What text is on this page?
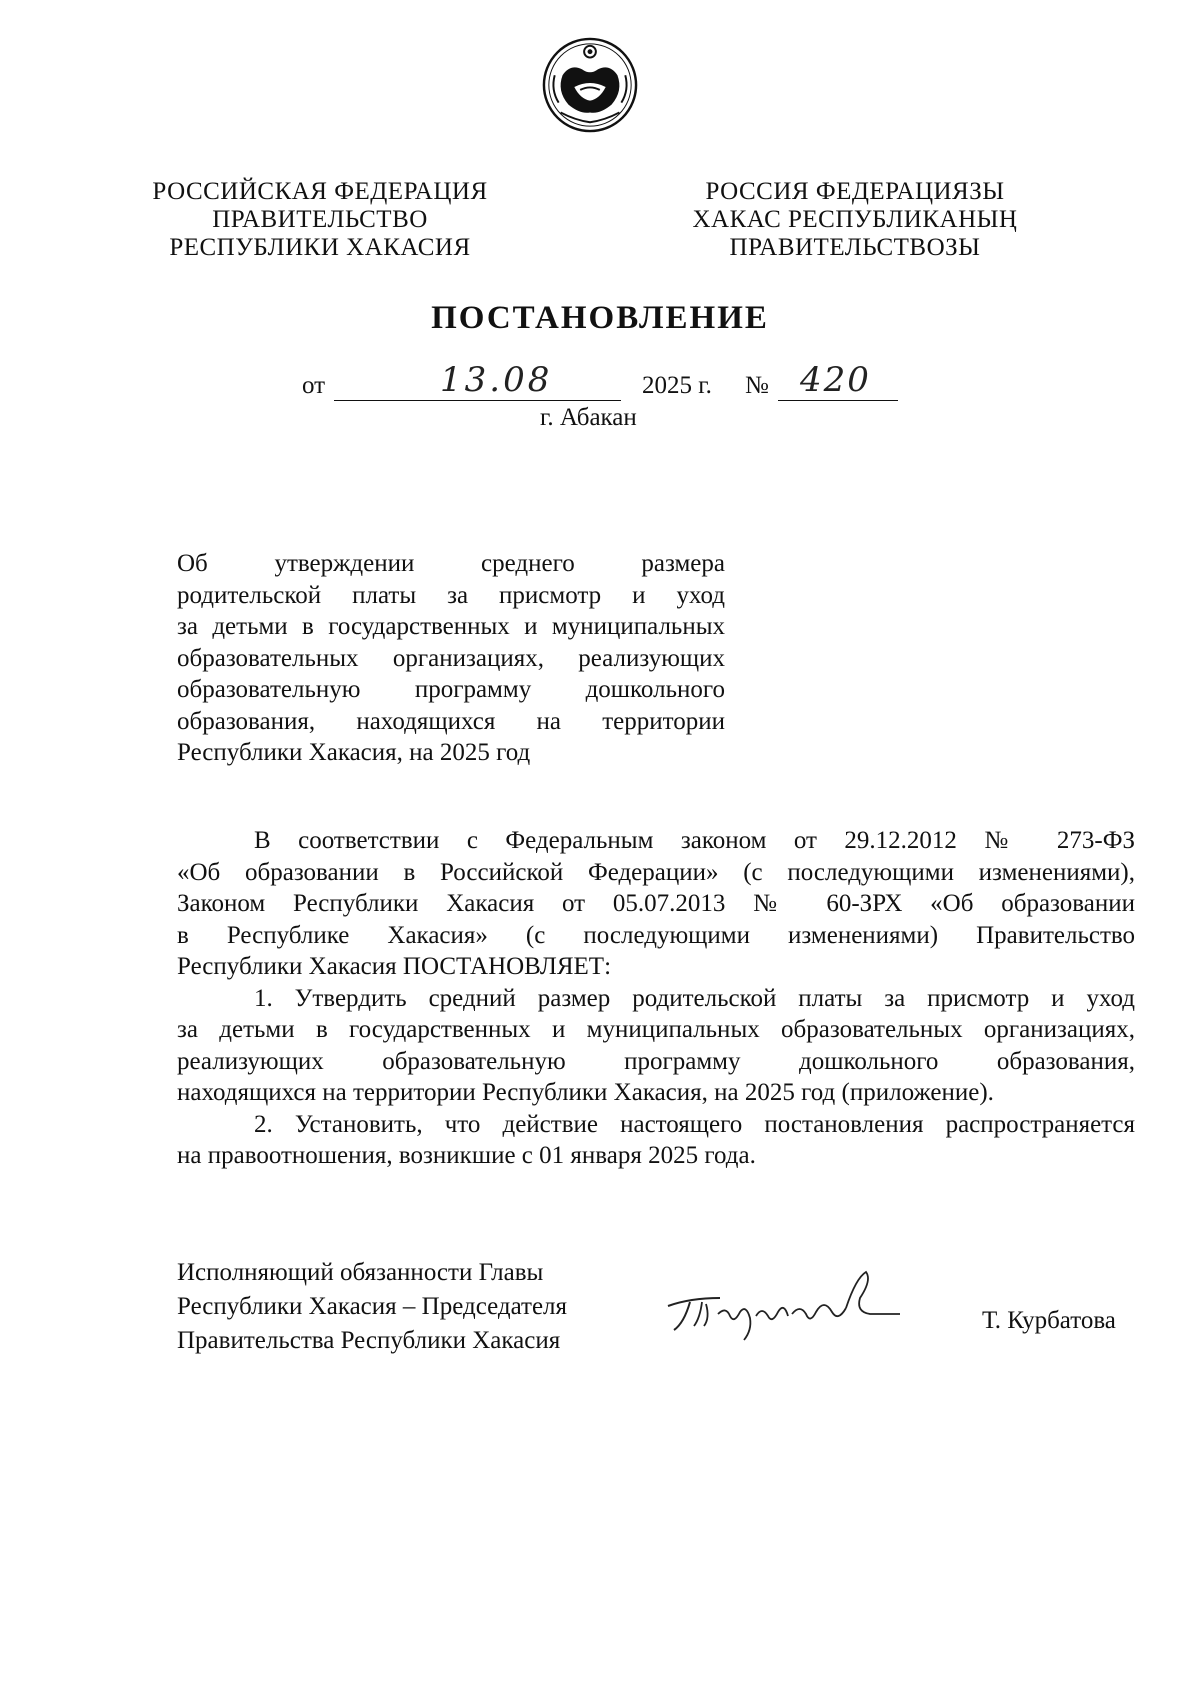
РОССИЙСКАЯ ФЕДЕРАЦИЯ
ПРАВИТЕЛЬСТВО
РЕСПУБЛИКИ ХАКАСИЯ
РОССИЯ ФЕДЕРАЦИЯЗЫ
ХАКАС РЕСПУБЛИКАНЫҢ
ПРАВИТЕЛЬСТВОЗЫ
ПОСТАНОВЛЕНИЕ
от	13.08	2025 г. № 420
г. Абакан
Об утверждении среднего размера
родительской платы за присмотр и уход
за детьми в государственных и муниципальных
образовательных организациях, реализующих
образовательную программу дошкольного
образования, находящихся на территории
Республики Хакасия, на 2025 год
В соответствии с Федеральным законом от 29.12.2012 № 273-ФЗ
«Об образовании в Российской Федерации» (с последующими изменениями),
Законом Республики Хакасия от 05.07.2013 № 60-ЗРХ «Об образовании
в Республике Хакасия» (с последующими изменениями) Правительство
Республики Хакасия ПОСТАНОВЛЯЕТ:
1. Утвердить средний размер родительской платы за присмотр и уход
за детьми в государственных и муниципальных образовательных организациях,
реализующих образовательную программу дошкольного образования,
находящихся на территории Республики Хакасия, на 2025 год (приложение).
2. Установить, что действие настоящего постановления распространяется
на правоотношения, возникшие с 01 января 2025 года.
Исполняющий обязанности Главы
Республики Хакасия – Председателя
Правительства Республики Хакасия
Т. Курбатова
